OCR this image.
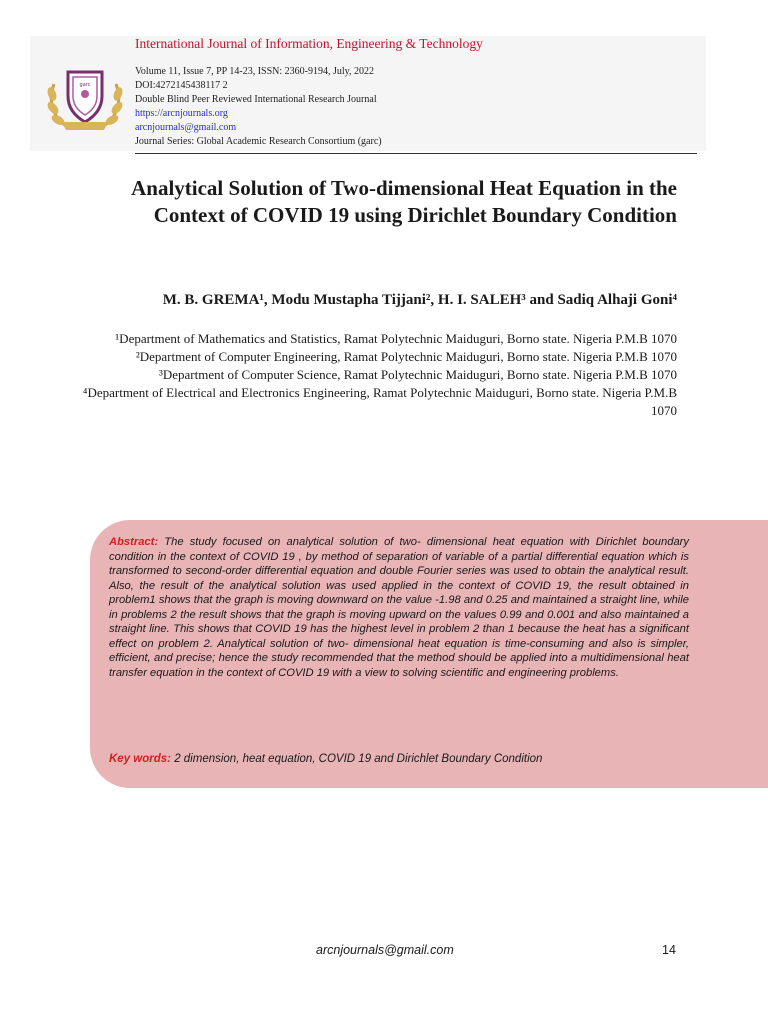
International Journal of Information, Engineering & Technology
garc
Volume 11, Issue 7, PP 14-23, ISSN: 2360-9194, July, 2022
DOI:4272145438117 2
Double Blind Peer Reviewed International Research Journal
https://arcnjournals.org
arcnjournals@gmail.com
Journal Series: Global Academic Research Consortium (garc)
Analytical Solution of Two-dimensional Heat Equation in the Context of COVID 19 using Dirichlet Boundary Condition
M. B. GREMA¹, Modu Mustapha Tijjani², H. I. SALEH³ and Sadiq Alhaji Goni⁴

¹Department of Mathematics and Statistics, Ramat Polytechnic Maiduguri, Borno state. Nigeria P.M.B 1070

²Department of Computer Engineering, Ramat Polytechnic Maiduguri, Borno state. Nigeria P.M.B 1070

³Department of Computer Science, Ramat Polytechnic Maiduguri, Borno state. Nigeria P.M.B 1070

⁴Department of Electrical and Electronics Engineering, Ramat Polytechnic Maiduguri, Borno state. Nigeria P.M.B 1070

Abstract: The study focused on analytical solution of two- dimensional heat equation with Dirichlet boundary condition in the context of COVID 19 , by method of separation of variable of a partial differential equation which is transformed to second-order differential equation and double Fourier series was used to obtain the analytical result. Also, the result of the analytical solution was used applied in the context of COVID 19, the result obtained in problem1 shows that the graph is moving downward on the value -1.98 and 0.25 and maintained a straight line, while in problems 2 the result shows that the graph is moving upward on the values 0.99 and 0.001 and also maintained a straight line. This shows that COVID 19 has the highest level in problem 2 than 1 because the heat has a significant effect on problem 2. Analytical solution of two- dimensional heat equation is time-consuming and also is simpler, efficient, and precise; hence the study recommended that the method should be applied into a multidimensional heat transfer equation in the context of COVID 19 with a view to solving scientific and engineering problems.
Key words: 2 dimension, heat equation, COVID 19 and Dirichlet Boundary Condition
arcnjournals@gmail.com	14
